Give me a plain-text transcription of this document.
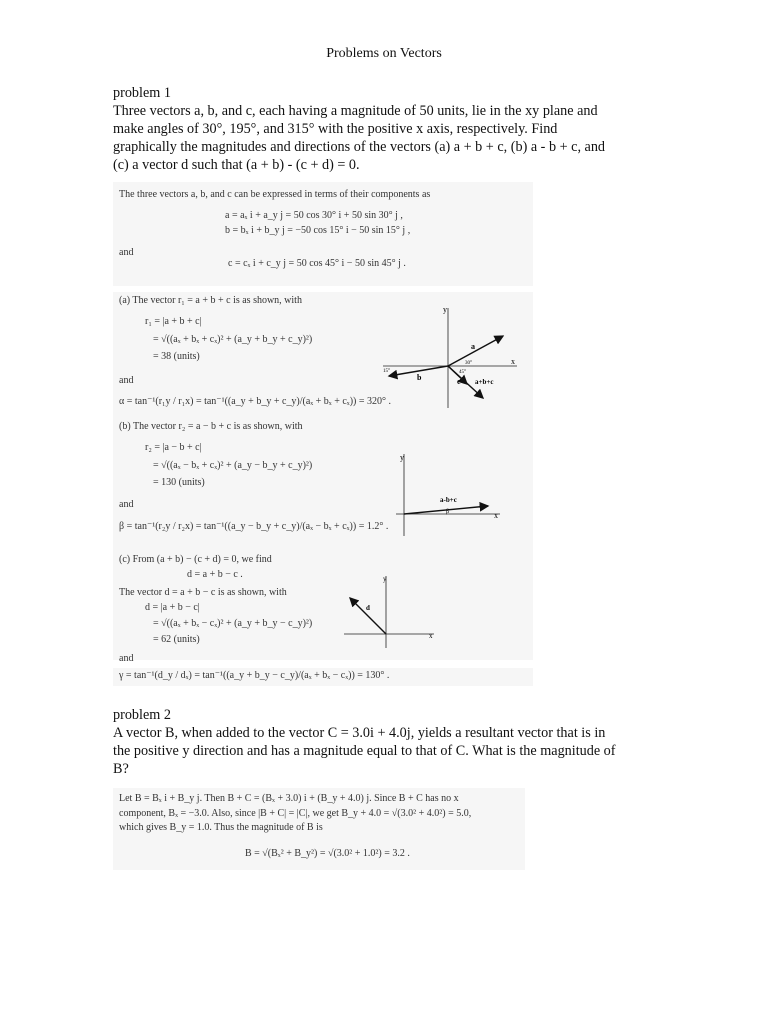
Problems on Vectors
problem 1
Three vectors a, b, and c, each having a magnitude of 50 units, lie in the xy plane and
make angles of 30°, 195°, and 315° with the positive x axis, respectively. Find
graphically the magnitudes and directions of the vectors (a) a + b + c, (b) a - b + c, and
(c) a vector d such that (a + b) - (c + d) = 0.
The three vectors a, b, and c can be expressed in terms of their components as
a = aₓ i + a_y j = 50 cos 30° i + 50 sin 30° j ,
b = bₓ i + b_y j = −50 cos 15° i − 50 sin 15° j ,
and
c = cₓ i + c_y j = 50 cos 45° i − 50 sin 45° j .
(a) The vector r₁ = a + b + c is as shown, with
r₁ = |a + b + c|
= √((aₓ + bₓ + cₓ)² + (a_y + b_y + c_y)²)
= 38 (units)
and
α = tan⁻¹(r₁y / r₁x) = tan⁻¹((a_y + b_y + c_y)/(aₓ + bₓ + cₓ)) = 320° .
(b) The vector r₂ = a − b + c is as shown, with
r₂ = |a − b + c|
= √((aₓ − bₓ + cₓ)² + (a_y − b_y + c_y)²)
= 130 (units)
and
β = tan⁻¹(r₂y / r₂x) = tan⁻¹((a_y − b_y + c_y)/(aₓ − bₓ + cₓ)) = 1.2° .
(c) From (a + b) − (c + d) = 0, we find
d = a + b − c .
The vector d = a + b − c is as shown, with
d = |a + b − c|
= √((aₓ + bₓ − cₓ)² + (a_y + b_y − c_y)²)
= 62 (units)
and
γ = tan⁻¹(d_y / dₓ) = tan⁻¹((a_y + b_y − c_y)/(aₓ + bₓ − cₓ)) = 130° .
y
x
a
b	c a+b+c
30°
45°
15°
y
x
a-b+c
β
y
x
d
problem 2
A vector B, when added to the vector C = 3.0i + 4.0j, yields a resultant vector that is in
the positive y direction and has a magnitude equal to that of C. What is the magnitude of
B?
Let B = Bₓ i + B_y j. Then B + C = (Bₓ + 3.0) i + (B_y + 4.0) j. Since B + C has no x
component, Bₓ = −3.0. Also, since |B + C| = |C|, we get B_y + 4.0 = √(3.0² + 4.0²) = 5.0,
which gives B_y = 1.0. Thus the magnitude of B is
B = √(Bₓ² + B_y²) = √(3.0² + 1.0²) = 3.2 .
